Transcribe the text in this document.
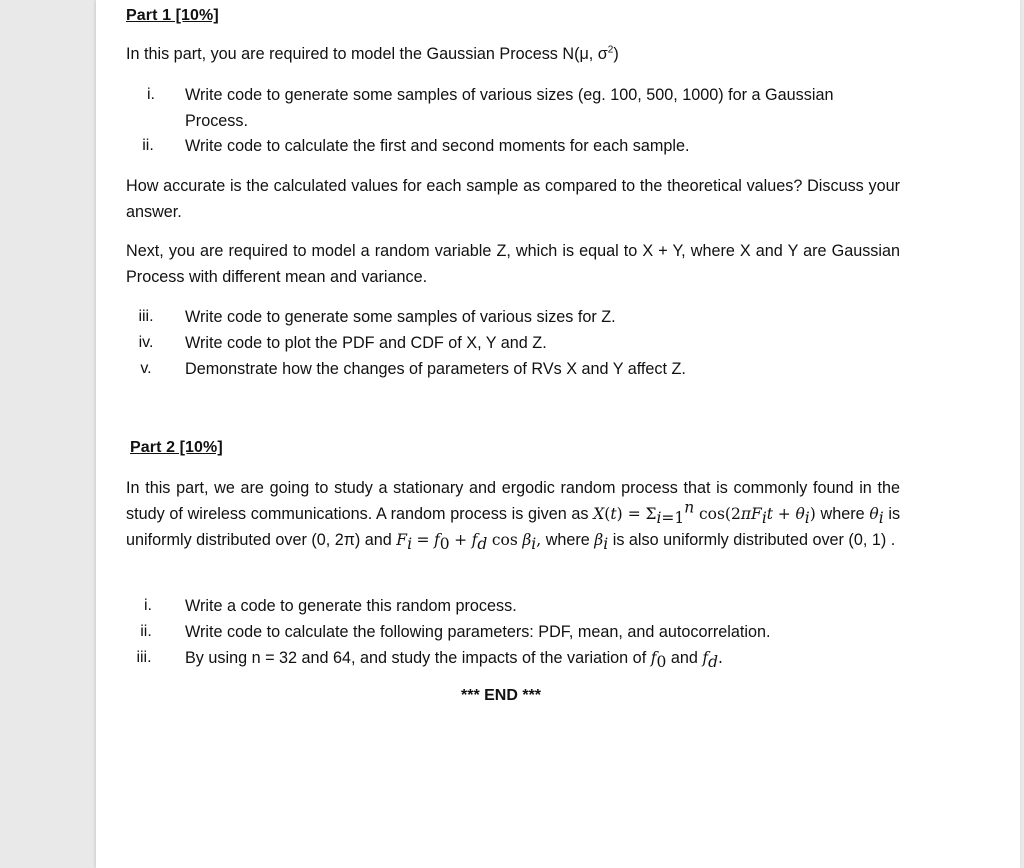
Part 1 [10%]
In this part, you are required to model the Gaussian Process N(μ, $\sigma^2$)
i.	Write code to generate some samples of various sizes (eg. 100, 500, 1000) for a Gaussian
Process.
ii.	Write code to calculate the first and second moments for each sample.
How accurate is the calculated values for each sample as compared to the theoretical values? Discuss your answer.
Next, you are required to model a random variable Z, which is equal to X + Y, where X and Y are Gaussian Process with different mean and variance.
iii.	Write code to generate some samples of various sizes for Z.
iv.	Write code to plot the PDF and CDF of X, Y and Z.
v.	Demonstrate how the changes of parameters of RVs X and Y affect Z.
Part 2 [10%]
In this part, we are going to study a stationary and ergodic random process that is commonly found in the study of wireless communications. A random process is given as $X(t) = \Sigma_{i=1}^n$ $\cos(2\pi F_it + \theta_i)$ where $\theta_i$ is uniformly distributed over (0, 2π) and $F_i = f_0 + f_d$ $\cos \beta_i$, where $\beta_i$ is also uniformly distributed over (0, 1) .
i.	Write a code to generate this random process.
ii.	Write code to calculate the following parameters: PDF, mean, and autocorrelation.
iii.	By using n = 32 and 64, and study the impacts of the variation of $f_0$ and $f_d$.
*** END ***
